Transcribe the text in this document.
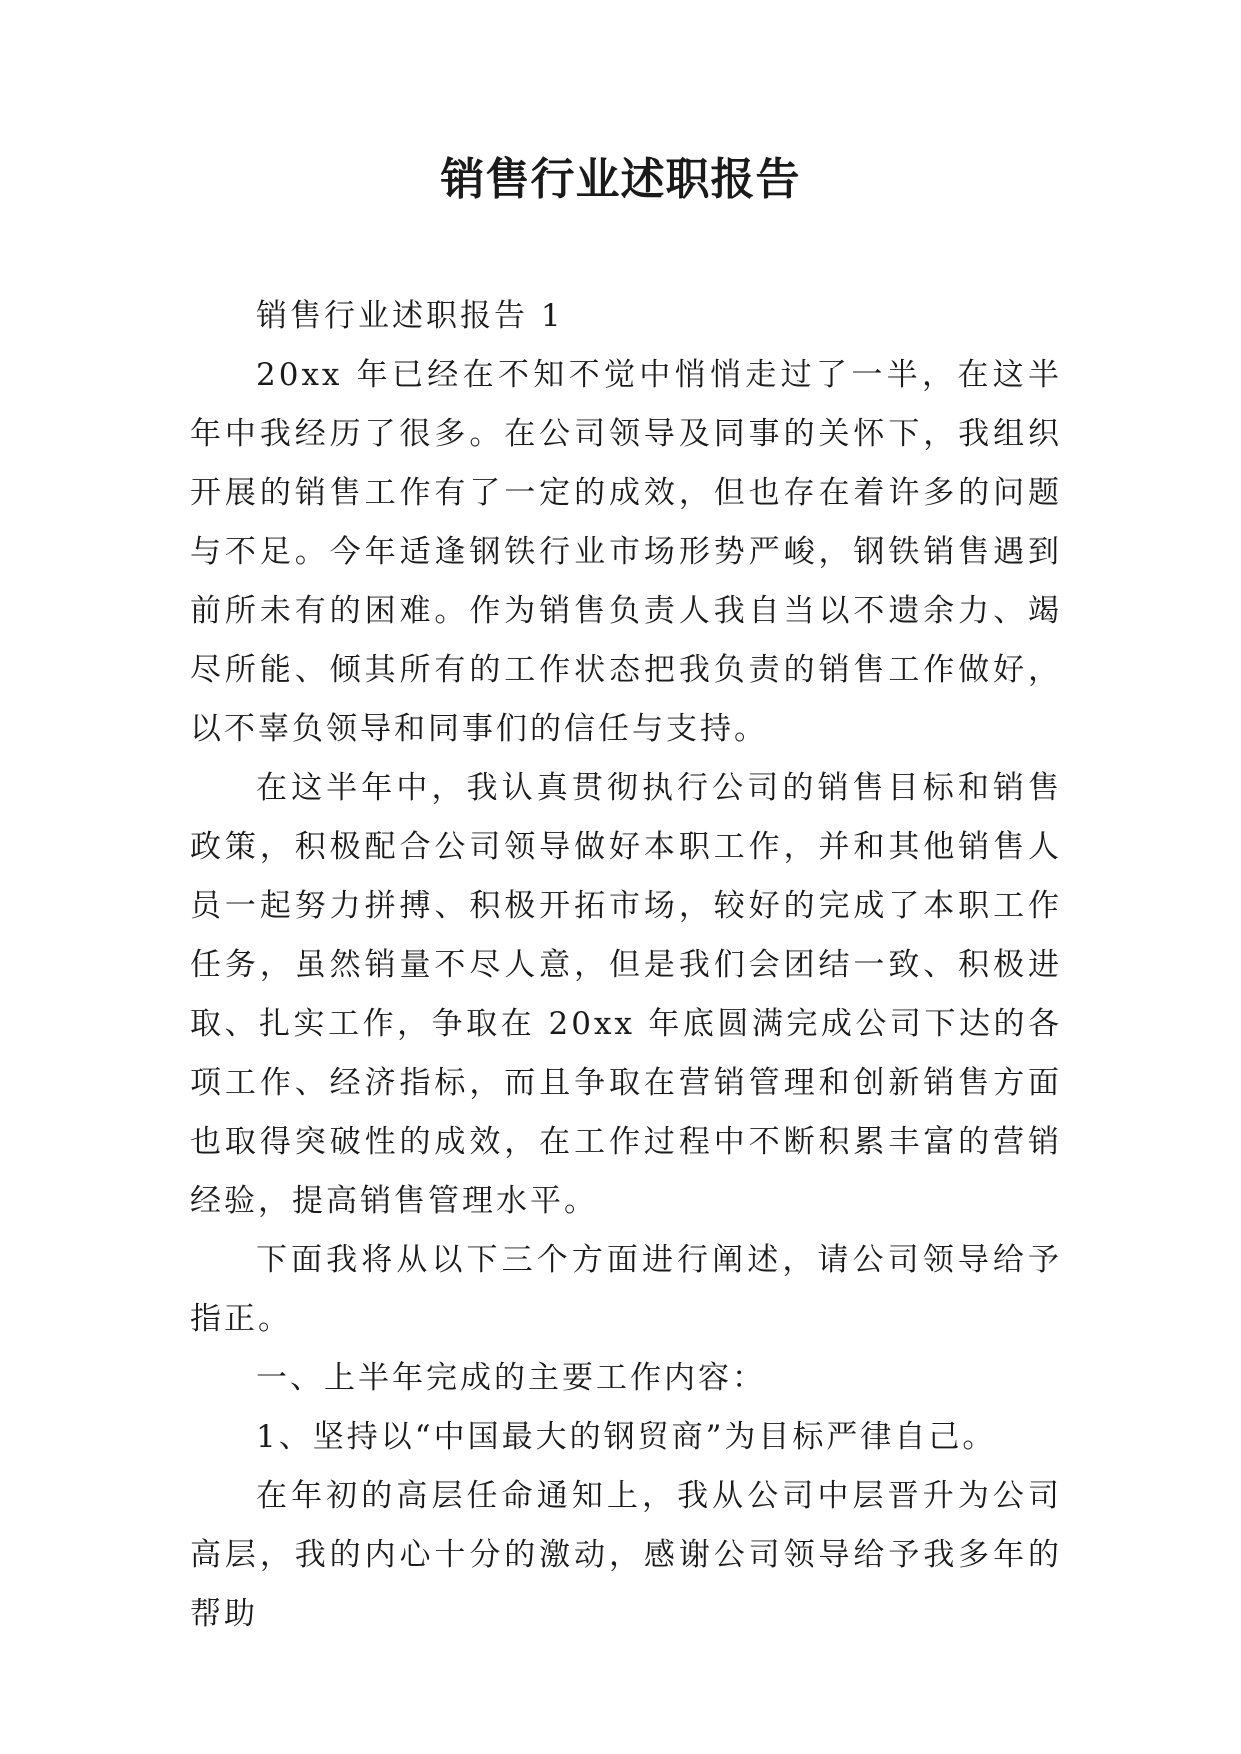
销售行业述职报告

销售行业述职报告 1

20xx 年已经在不知不觉中悄悄走过了一半，在这半年中我经历了很多。在公司领导及同事的关怀下，我组织开展的销售工作有了一定的成效，但也存在着许多的问题与不足。今年适逢钢铁行业市场形势严峻，钢铁销售遇到前所未有的困难。作为销售负责人我自当以不遗余力、竭尽所能、倾其所有的工作状态把我负责的销售工作做好，以不辜负领导和同事们的信任与支持。

在这半年中，我认真贯彻执行公司的销售目标和销售政策，积极配合公司领导做好本职工作，并和其他销售人员一起努力拼搏、积极开拓市场，较好的完成了本职工作任务，虽然销量不尽人意，但是我们会团结一致、积极进取、扎实工作，争取在 20xx 年底圆满完成公司下达的各项工作、经济指标，而且争取在营销管理和创新销售方面也取得突破性的成效，在工作过程中不断积累丰富的营销经验，提高销售管理水平。

下面我将从以下三个方面进行阐述，请公司领导给予指正。

一、上半年完成的主要工作内容：

1、坚持以“中国最大的钢贸商”为目标严律自己。

在年初的高层任命通知上，我从公司中层晋升为公司高层，我的内心十分的激动，感谢公司领导给予我多年的帮助
